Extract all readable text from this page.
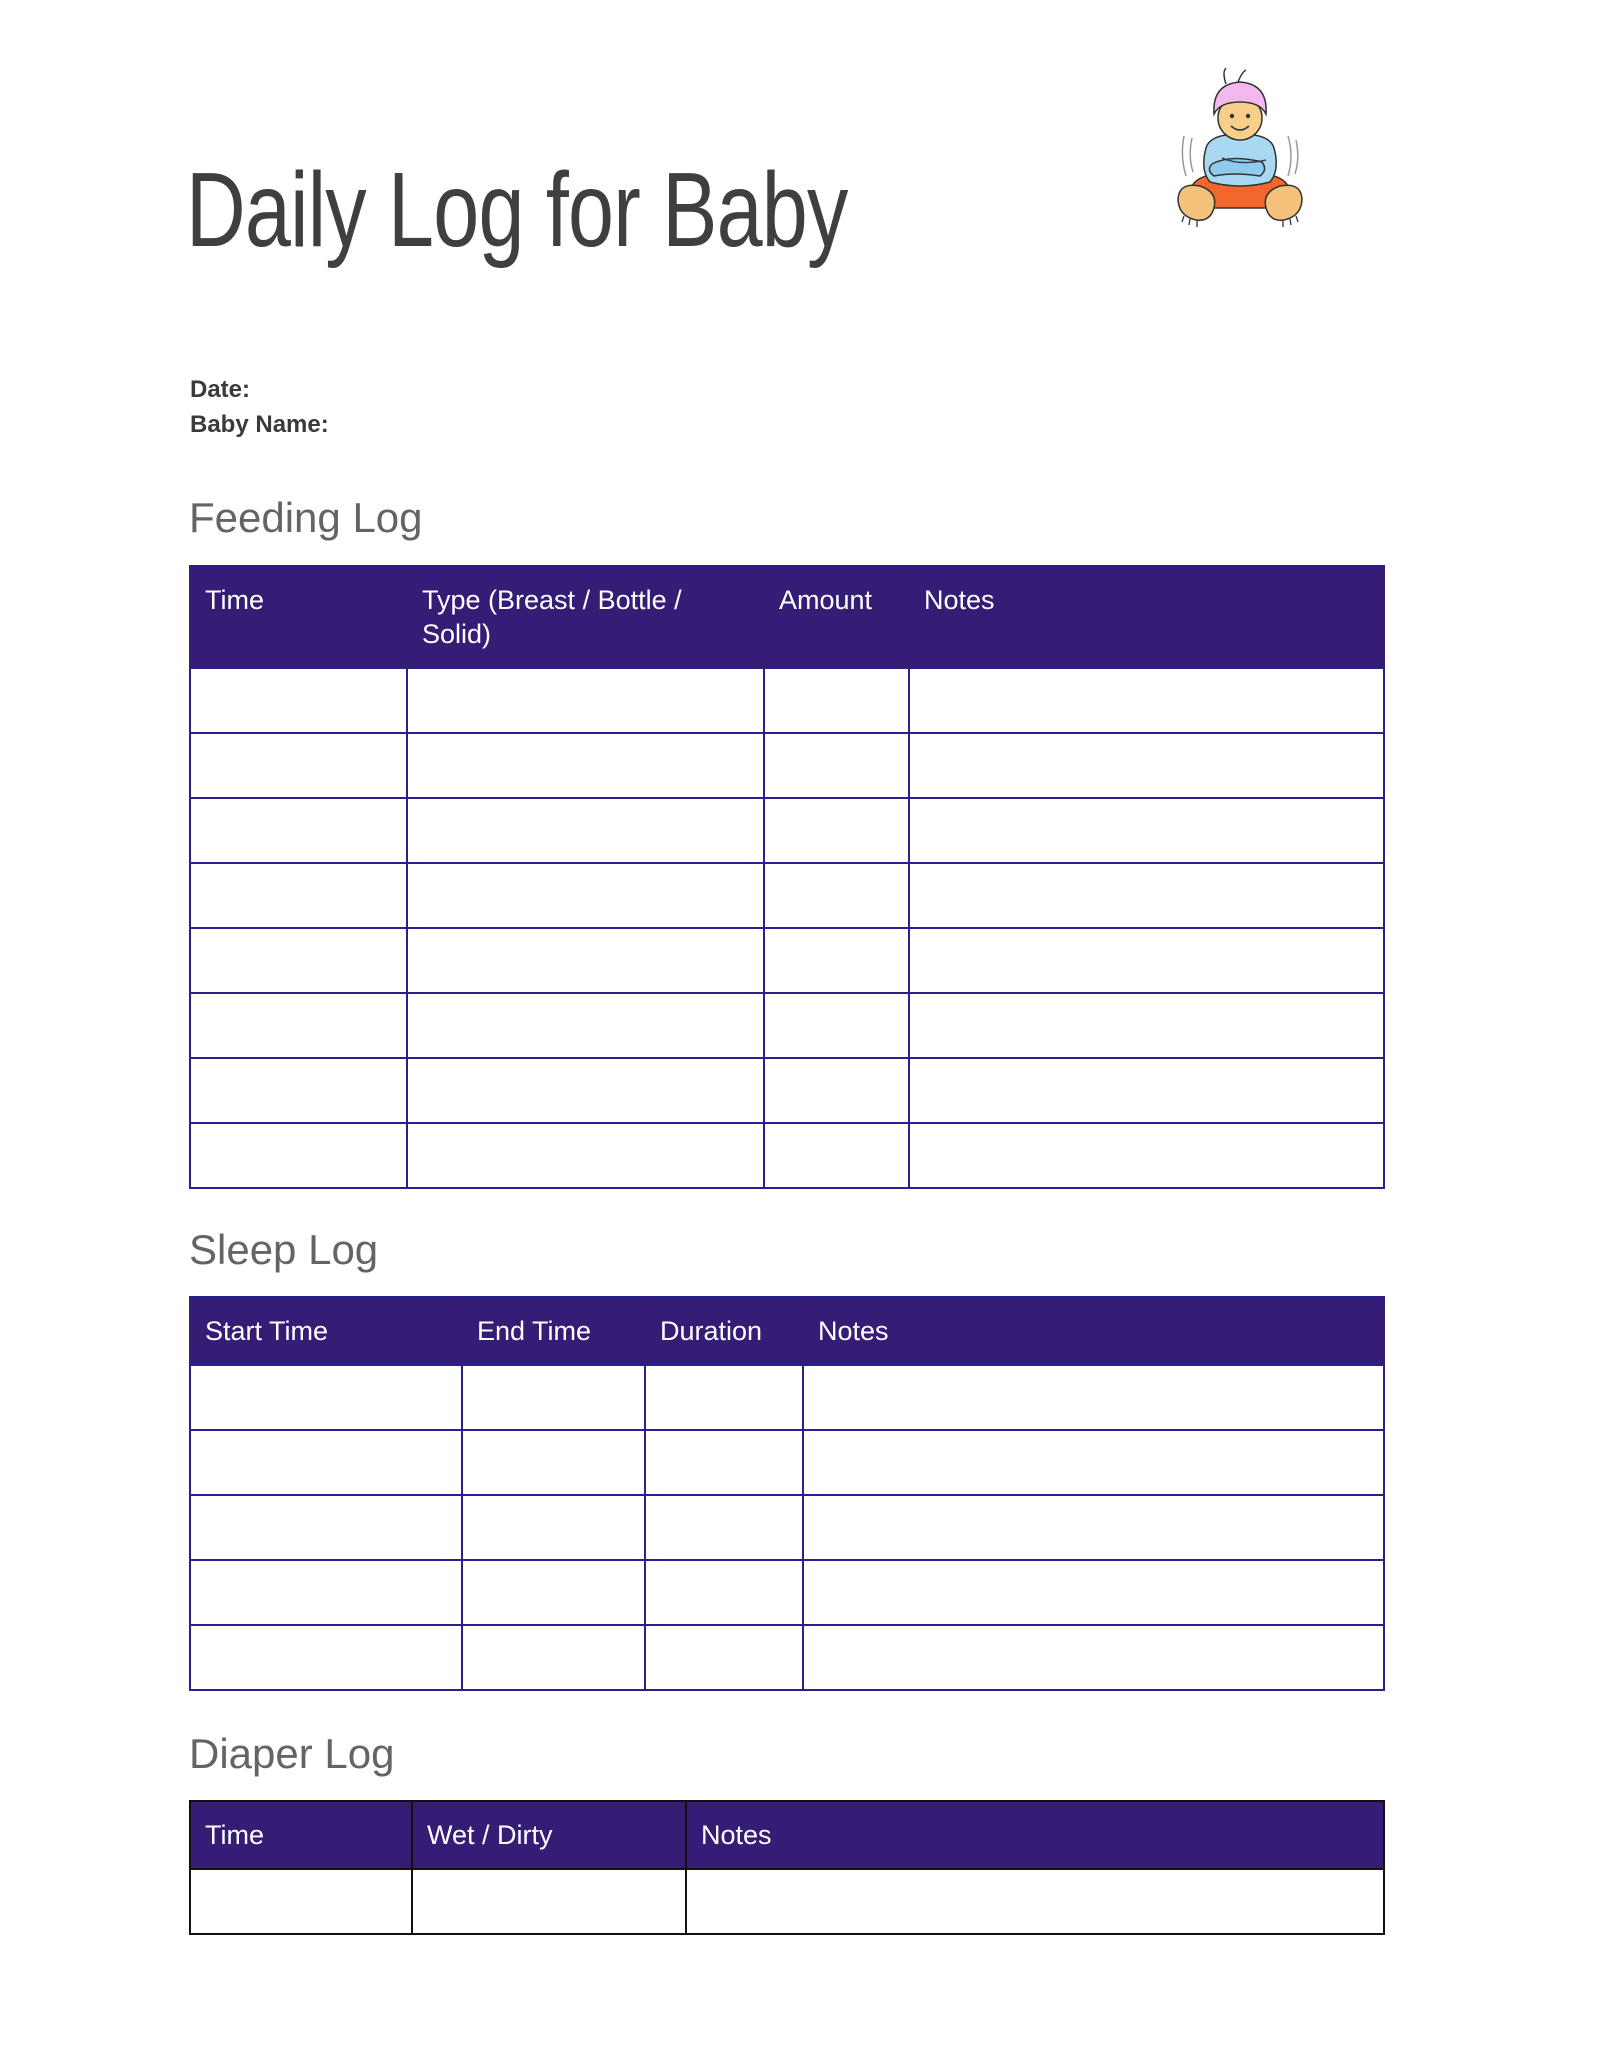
Daily Log for Baby
Date:
Baby Name:
Feeding Log
Time	Type (Breast / Bottle / Solid)	Amount	Notes

Sleep Log
Start Time	End Time	Duration	Notes

Diaper Log
Time	Wet / Dirty	Notes
